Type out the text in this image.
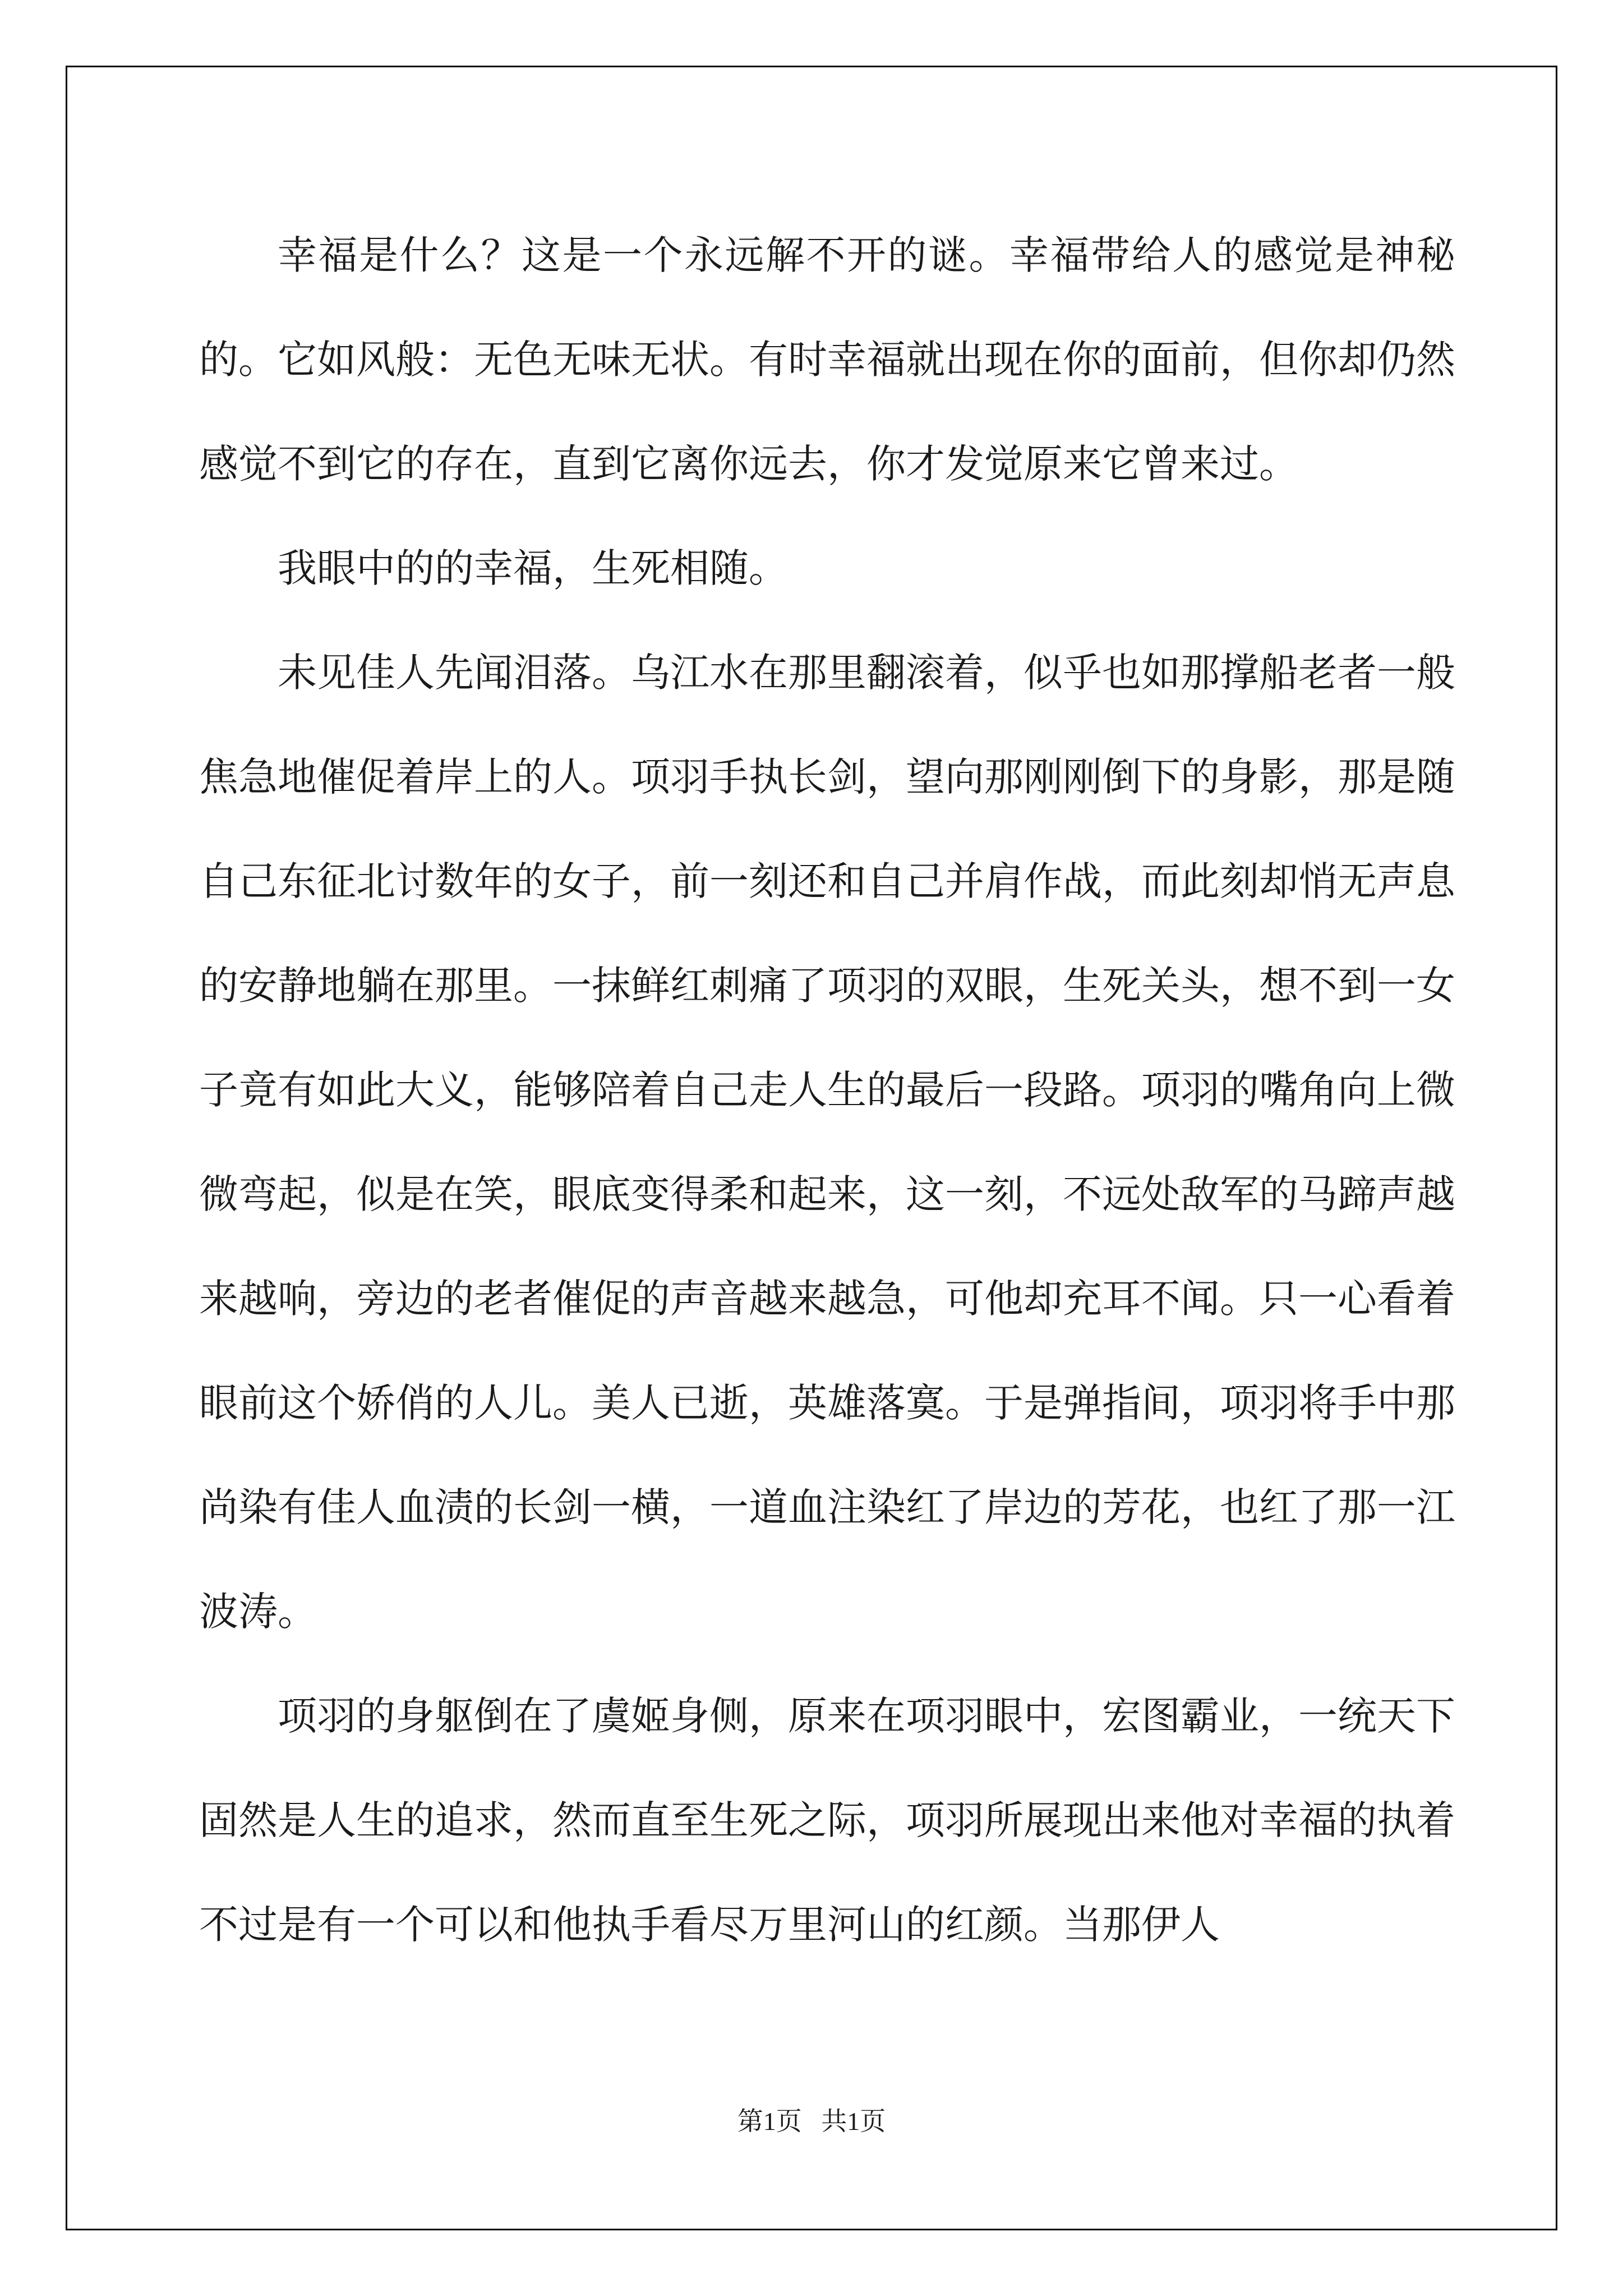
幸福是什么？这是一个永远解不开的谜。幸福带给人的感觉是神秘的。它如风般：无色无味无状。有时幸福就出现在你的面前，但你却仍然感觉不到它的存在，直到它离你远去，你才发觉原来它曾来过。

我眼中的的幸福，生死相随。

未见佳人先闻泪落。乌江水在那里翻滚着，似乎也如那撑船老者一般焦急地催促着岸上的人。项羽手执长剑，望向那刚刚倒下的身影，那是随自己东征北讨数年的女子，前一刻还和自己并肩作战，而此刻却悄无声息的安静地躺在那里。一抹鲜红刺痛了项羽的双眼，生死关头，想不到一女子竟有如此大义，能够陪着自己走人生的最后一段路。项羽的嘴角向上微微弯起，似是在笑，眼底变得柔和起来，这一刻，不远处敌军的马蹄声越来越响，旁边的老者催促的声音越来越急，可他却充耳不闻。只一心看着眼前这个娇俏的人儿。美人已逝，英雄落寞。于是弹指间，项羽将手中那尚染有佳人血渍的长剑一横，一道血注染红了岸边的芳花，也红了那一江波涛。

项羽的身躯倒在了虞姬身侧，原来在项羽眼中，宏图霸业，一统天下固然是人生的追求，然而直至生死之际，项羽所展现出来他对幸福的执着不过是有一个可以和他执手看尽万里河山的红颜。当那伊人

第1页 共1页
